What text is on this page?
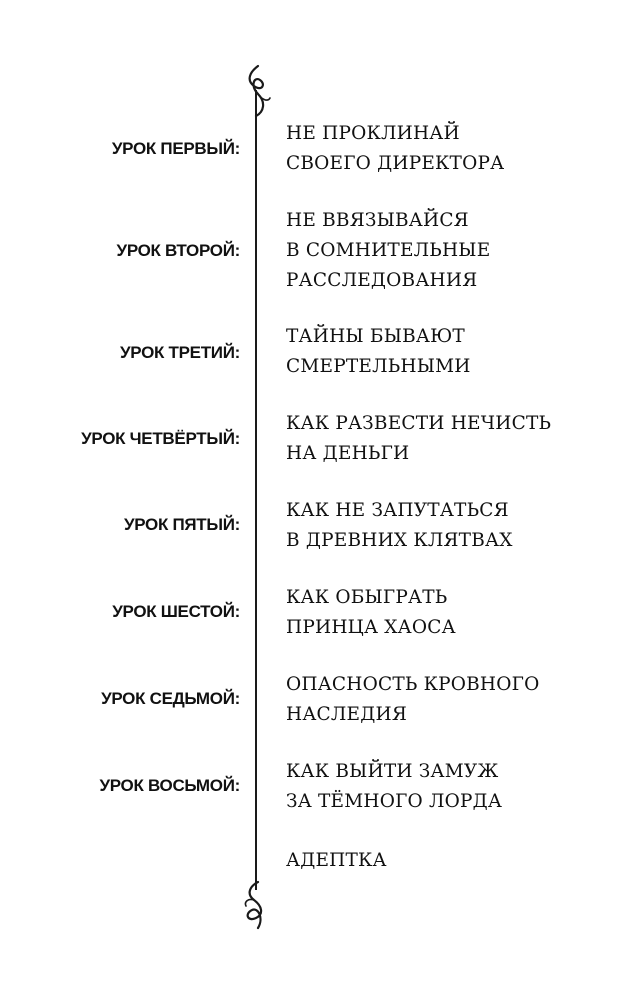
УРОК ПЕРВЫЙ:
НЕ ПРОКЛИНАЙ
СВОЕГО ДИРЕКТОРА
УРОК ВТОРОЙ:
НЕ ВВЯЗЫВАЙСЯ
В СОМНИТЕЛЬНЫЕ
РАССЛЕДОВАНИЯ
УРОК ТРЕТИЙ:
ТАЙНЫ БЫВАЮТ
СМЕРТЕЛЬНЫМИ
УРОК ЧЕТВЁРТЫЙ:
КАК РАЗВЕСТИ НЕЧИСТЬ
НА ДЕНЬГИ
УРОК ПЯТЫЙ:
КАК НЕ ЗАПУТАТЬСЯ
В ДРЕВНИХ КЛЯТВАХ
УРОК ШЕСТОЙ:
КАК ОБЫГРАТЬ
ПРИНЦА ХАОСА
УРОК СЕДЬМОЙ:
ОПАСНОСТЬ КРОВНОГО
НАСЛЕДИЯ
УРОК ВОСЬМОЙ:
КАК ВЫЙТИ ЗАМУЖ
ЗА ТЁМНОГО ЛОРДА
АДЕПТКА
